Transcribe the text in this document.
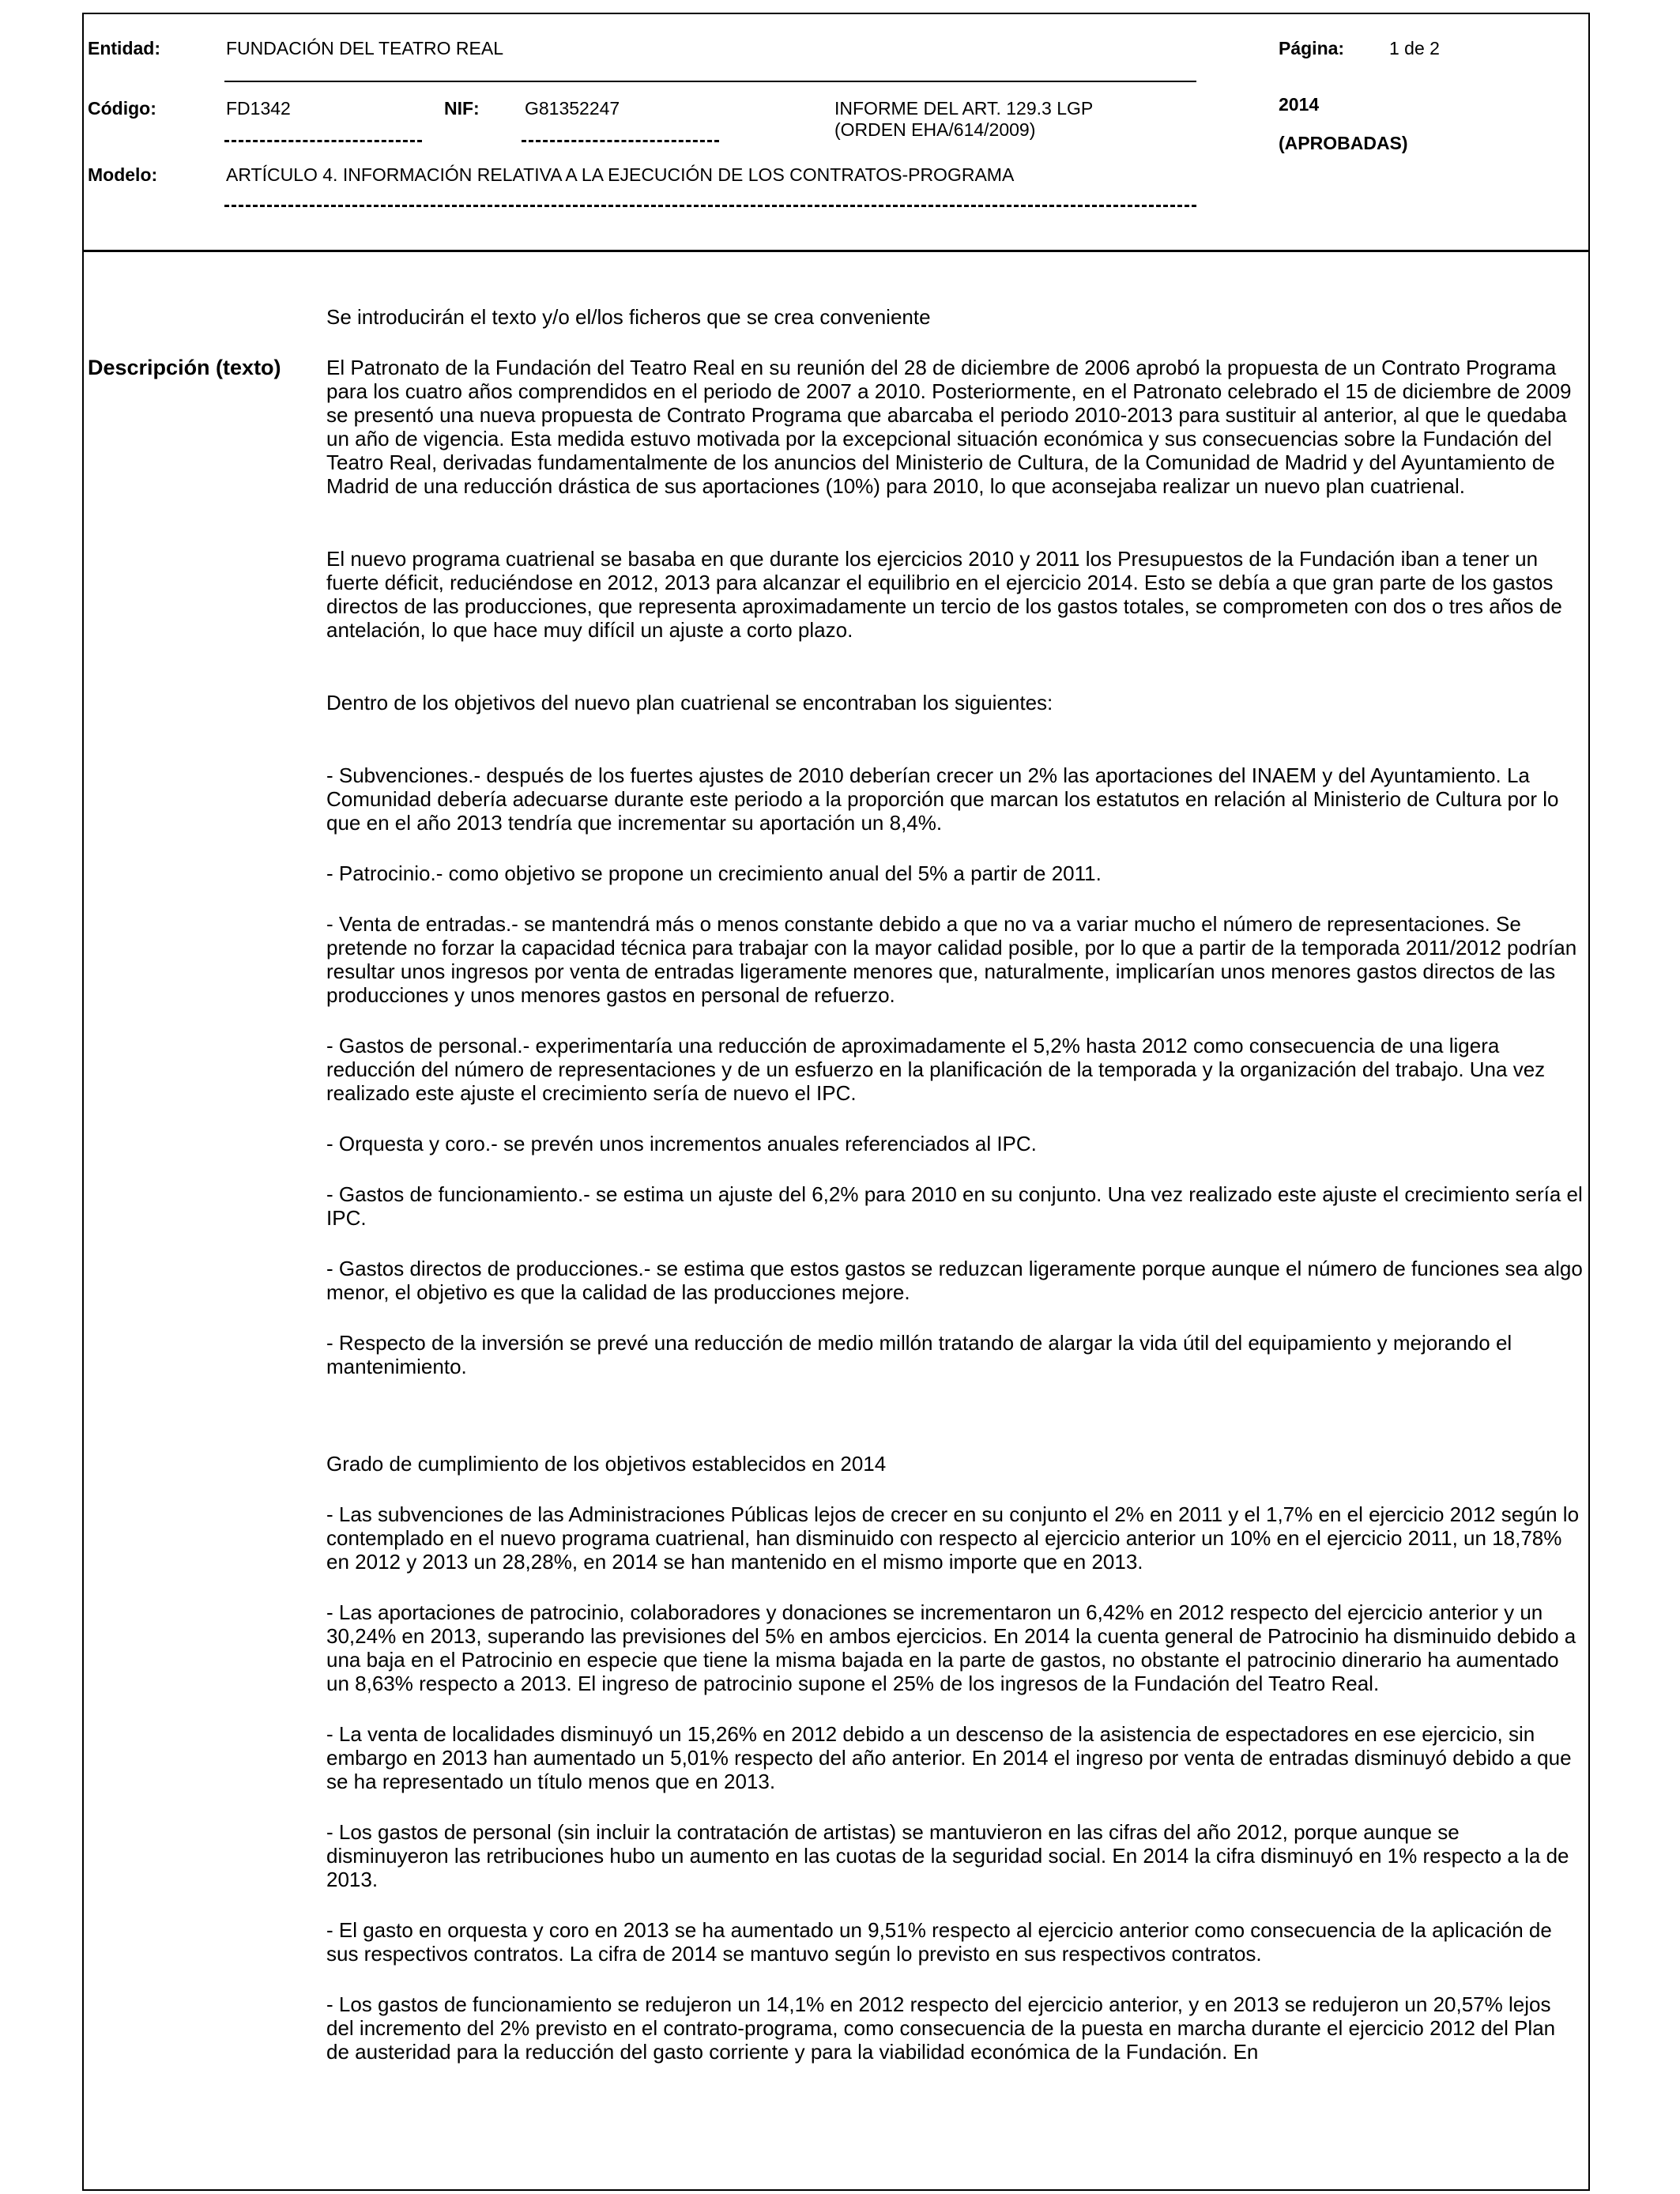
Entidad:	FUNDACIÓN DEL TEATRO REAL	Página: 1 de 2
Código:	FD1342	NIF: G81352247	INFORME DEL ART. 129.3 LGP
(ORDEN EHA/614/2009)
2014
(APROBADAS)
Modelo:	ARTÍCULO 4. INFORMACIÓN RELATIVA A LA EJECUCIÓN DE LOS CONTRATOS-PROGRAMA
Descripción (texto)

Se introducirán el texto y/o el/los ficheros que se crea conveniente

El Patronato de la Fundación del Teatro Real en su reunión del 28 de diciembre de 2006 aprobó la propuesta de un Contrato Programa para los cuatro años comprendidos en el periodo de 2007 a 2010. Posteriormente, en el Patronato celebrado el 15 de diciembre de 2009 se presentó una nueva propuesta de Contrato Programa que abarcaba el periodo 2010-2013 para sustituir al anterior, al que le quedaba un año de vigencia. Esta medida estuvo motivada por la excepcional situación económica y sus consecuencias sobre la Fundación del Teatro Real, derivadas fundamentalmente de los anuncios del Ministerio de Cultura, de la Comunidad de Madrid y del Ayuntamiento de Madrid de una reducción drástica de sus aportaciones (10%) para 2010, lo que aconsejaba realizar un nuevo plan cuatrienal.

El nuevo programa cuatrienal se basaba en que durante los ejercicios 2010 y 2011 los Presupuestos de la Fundación iban a tener un fuerte déficit, reduciéndose en 2012, 2013 para alcanzar el equilibrio en el ejercicio 2014. Esto se debía a que gran parte de los gastos directos de las producciones, que representa aproximadamente un tercio de los gastos totales, se comprometen con dos o tres años de antelación, lo que hace muy difícil un ajuste a corto plazo.

Dentro de los objetivos del nuevo plan cuatrienal se encontraban los siguientes:

- Subvenciones.- después de los fuertes ajustes de 2010 deberían crecer un 2% las aportaciones del INAEM y del Ayuntamiento. La Comunidad debería adecuarse durante este periodo a la proporción que marcan los estatutos en relación al Ministerio de Cultura por lo que en el año 2013 tendría que incrementar su aportación un 8,4%.

- Patrocinio.- como objetivo se propone un crecimiento anual del 5% a partir de 2011.

- Venta de entradas.- se mantendrá más o menos constante debido a que no va a variar mucho el número de representaciones. Se pretende no forzar la capacidad técnica para trabajar con la mayor calidad posible, por lo que a partir de la temporada 2011/2012 podrían resultar unos ingresos por venta de entradas ligeramente menores que, naturalmente, implicarían unos menores gastos directos de las producciones y unos menores gastos en personal de refuerzo.

- Gastos de personal.- experimentaría una reducción de aproximadamente el 5,2% hasta 2012 como consecuencia de una ligera reducción del número de representaciones y de un esfuerzo en la planificación de la temporada y la organización del trabajo. Una vez realizado este ajuste el crecimiento sería de nuevo el IPC.

- Orquesta y coro.- se prevén unos incrementos anuales referenciados al IPC.

- Gastos de funcionamiento.- se estima un ajuste del 6,2% para 2010 en su conjunto. Una vez realizado este ajuste el crecimiento sería el IPC.

- Gastos directos de producciones.- se estima que estos gastos se reduzcan ligeramente porque aunque el número de funciones sea algo menor, el objetivo es que la calidad de las producciones mejore.

- Respecto de la inversión se prevé una reducción de medio millón tratando de alargar la vida útil del equipamiento y mejorando el mantenimiento.

Grado de cumplimiento de los objetivos establecidos en 2014

- Las subvenciones de las Administraciones Públicas lejos de crecer en su conjunto el 2% en 2011 y el 1,7% en el ejercicio 2012 según lo contemplado en el nuevo programa cuatrienal, han disminuido con respecto al ejercicio anterior un 10% en el ejercicio 2011, un 18,78% en 2012 y 2013 un 28,28%, en 2014 se han mantenido en el mismo importe que en 2013.

- Las aportaciones de patrocinio, colaboradores y donaciones se incrementaron un 6,42% en 2012 respecto del ejercicio anterior y un 30,24% en 2013, superando las previsiones del 5% en ambos ejercicios. En 2014 la cuenta general de Patrocinio ha disminuido debido a una baja en el Patrocinio en especie que tiene la misma bajada en la parte de gastos, no obstante el patrocinio dinerario ha aumentado un 8,63% respecto a 2013. El ingreso de patrocinio supone el 25% de los ingresos de la Fundación del Teatro Real.

- La venta de localidades disminuyó un 15,26% en 2012 debido a un descenso de la asistencia de espectadores en ese ejercicio, sin embargo en 2013 han aumentado un 5,01% respecto del año anterior. En 2014 el ingreso por venta de entradas disminuyó debido a que se ha representado un título menos que en 2013.

- Los gastos de personal (sin incluir la contratación de artistas) se mantuvieron en las cifras del año 2012, porque aunque se disminuyeron las retribuciones hubo un aumento en las cuotas de la seguridad social. En 2014 la cifra disminuyó en 1% respecto a la de 2013.

- El gasto en orquesta y coro en 2013 se ha aumentado un 9,51% respecto al ejercicio anterior como consecuencia de la aplicación de sus respectivos contratos. La cifra de 2014 se mantuvo según lo previsto en sus respectivos contratos.

- Los gastos de funcionamiento se redujeron un 14,1% en 2012 respecto del ejercicio anterior, y en 2013 se redujeron un 20,57% lejos del incremento del 2% previsto en el contrato-programa, como consecuencia de la puesta en marcha durante el ejercicio 2012 del Plan de austeridad para la reducción del gasto corriente y para la viabilidad económica de la Fundación. En
